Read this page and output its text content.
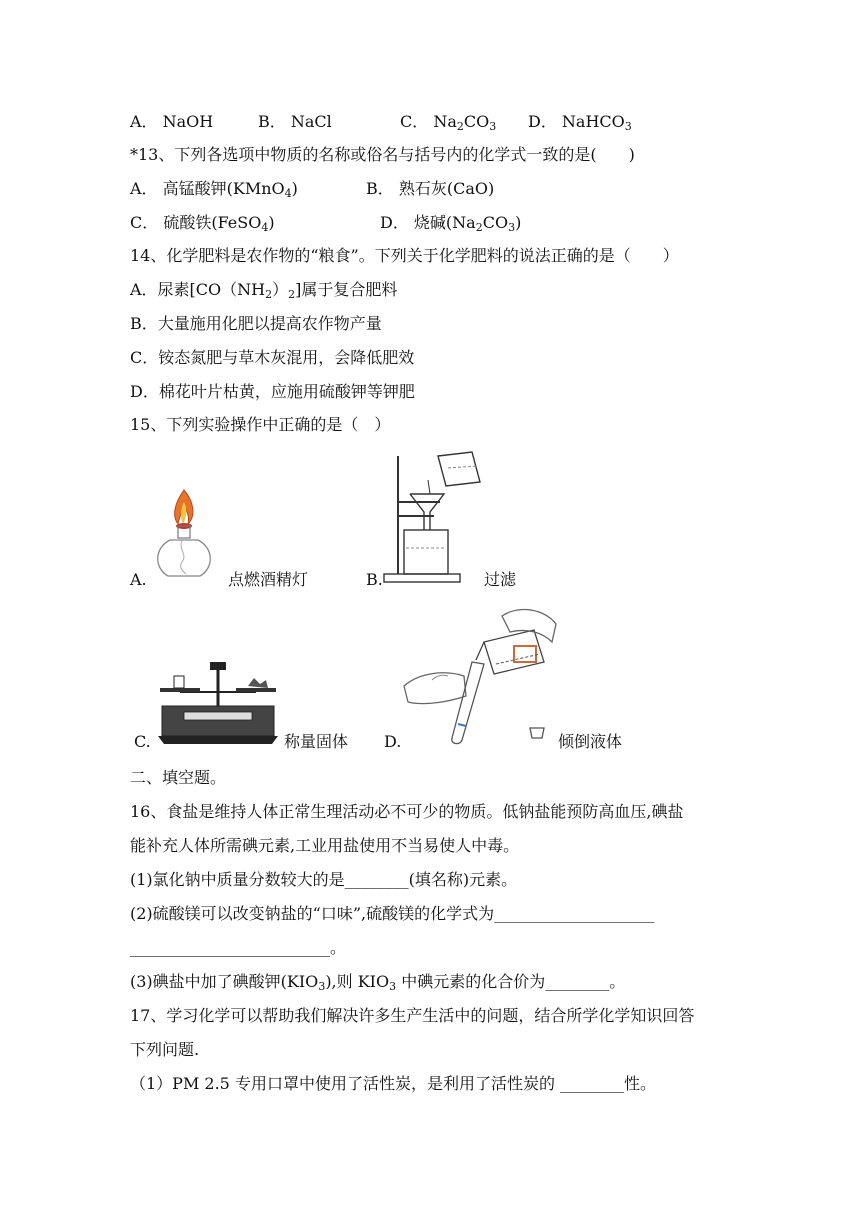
A． NaOH	B． NaCl	C． $Na_2CO_3$ D． NaHCO$_3$
*13、下列各选项中物质的名称或俗名与括号内的化学式一致的是(　　)
A． 高锰酸钾(KMnO$_4$)	B． 熟石灰(CaO)
C． 硫酸铁(FeSO$_4$)	D． 烧碱$(Na_2CO_3)$
14、化学肥料是农作物的“粮食”。下列关于化学肥料的说法正确的是（　　）
A．尿素$[CO(NH_2)_2]$属于复合肥料
B．大量施用化肥以提高农作物产量
C．铵态氮肥与草木灰混用，会降低肥效
D．棉花叶片枯黄，应施用硫酸钾等钾肥
15、下列实验操作中正确的是（　）
A.	点燃酒精灯	B.	过滤
C.	称量固体 D.	倾倒液体
二、填空题。
16、食盐是维持人体正常生理活动必不可少的物质。低钠盐能预防高血压,碘盐
能补充人体所需碘元素,工业用盐使用不当易使人中毒。
(1)氯化钠中质量分数较大的是________(填名称)元素。
(2)硫酸镁可以改变钠盐的“口味”,硫酸镁的化学式为____________________
_________________________。
(3)碘盐中加了碘酸钾$(KIO_3)$,则 $KIO_3$ 中碘元素的化合价为________。
17、学习化学可以帮助我们解决许多生产生活中的问题，结合所学化学知识回答
下列问题.
（1）PM 2.5 专用口罩中使用了活性炭，是利用了活性炭的 ________性。
